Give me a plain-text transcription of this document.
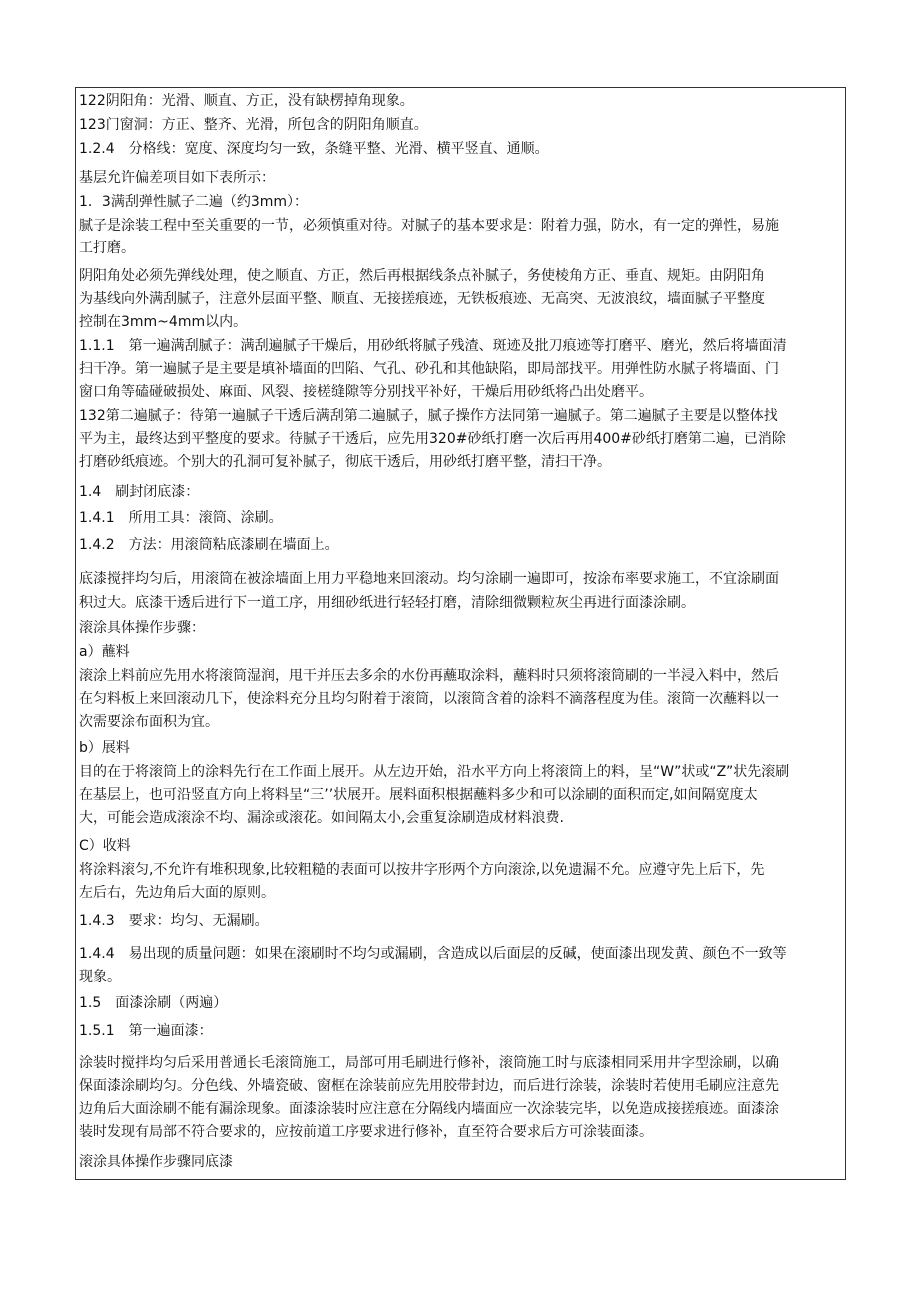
122阴阳角：光滑、顺直、方正，没有缺楞掉角现象。
123门窗洞：方正、整齐、光滑，所包含的阴阳角顺直。
1.2.4　分格线：宽度、深度均匀一致，条缝平整、光滑、横平竖直、通顺。
基层允许偏差项目如下表所示：
1．3满刮弹性腻子二遍（约3mm）：
腻子是涂装工程中至关重要的一节，必须慎重对待。对腻子的基本要求是：附着力强，防水，有一定的弹性，易施
工打磨。
阴阳角处必须先弹线处理，使之顺直、方正，然后再根据线条点补腻子，务使棱角方正、垂直、规矩。由阴阳角
为基线向外满刮腻子，注意外层面平整、顺直、无接搓痕迹，无铁板痕迹、无高突、无波浪纹，墙面腻子平整度
控制在3mm~4mm以内。
1.1.1　第一遍满刮腻子：满刮遍腻子干燥后，用砂纸将腻子残渣、斑迹及批刀痕迹等打磨平、磨光，然后将墙面清
扫干净。第一遍腻子是主要是填补墙面的凹陷、气孔、砂孔和其他缺陷，即局部找平。用弹性防水腻子将墙面、门
窗口角等磕碰破损处、麻面、风裂、接槎缝隙等分别找平补好，干燥后用砂纸将凸出处磨平。
132第二遍腻子：待第一遍腻子干透后满刮第二遍腻子，腻子操作方法同第一遍腻子。第二遍腻子主要是以整体找
平为主，最终达到平整度的要求。待腻子干透后，应先用320#砂纸打磨一次后再用400#砂纸打磨第二遍，已消除
打磨砂纸痕迹。个别大的孔洞可复补腻子，彻底干透后，用砂纸打磨平整，清扫干净。
1.4　刷封闭底漆：
1.4.1　所用工具：滚筒、涂刷。
1.4.2　方法：用滚筒粘底漆刷在墙面上。
底漆搅拌均匀后，用滚筒在被涂墙面上用力平稳地来回滚动。均匀涂刷一遍即可，按涂布率要求施工，不宜涂刷面
积过大。底漆干透后进行下一道工序，用细砂纸进行轻轻打磨，清除细微颗粒灰尘再进行面漆涂刷。
滚涂具体操作步骤：
a）蘸料
滚涂上料前应先用水将滚筒湿润，甩干并压去多余的水份再蘸取涂料，蘸料时只须将滚筒刷的一半浸入料中，然后
在匀料板上来回滚动几下，使涂料充分且均匀附着于滚筒，以滚筒含着的涂料不滴落程度为佳。滚筒一次蘸料以一
次需要涂布面积为宜。
b）展料
目的在于将滚筒上的涂料先行在工作面上展开。从左边开始，沿水平方向上将滚筒上的料，呈“W”状或“Z”状先滚刷
在基层上，也可沿竖直方向上将料呈“三’’状展开。展料面积根据蘸料多少和可以涂刷的面积而定,如间隔宽度太
大，可能会造成滚涂不均、漏涂或滚花。如间隔太小,会重复涂刷造成材料浪费.
C）收料
将涂料滚匀,不允许有堆积现象,比较粗糙的表面可以按井字形两个方向滚涂,以免遗漏不允。应遵守先上后下，先
左后右，先边角后大面的原则。
1.4.3　要求：均匀、无漏刷。
1.4.4　易出现的质量问题：如果在滚刷时不均匀或漏刷，含造成以后面层的反碱，使面漆出现发黄、颜色不一致等
现象。
1.5　面漆涂刷（两遍）
1.5.1　第一遍面漆：
涂装时搅拌均匀后采用普通长毛滚筒施工，局部可用毛刷进行修补，滚筒施工时与底漆相同采用井字型涂刷，以确
保面漆涂刷均匀。分色线、外墙瓷破、窗框在涂装前应先用胶带封边，而后进行涂装，涂装时若使用毛刷应注意先
边角后大面涂刷不能有漏涂现象。面漆涂装时应注意在分隔线内墙面应一次涂装完毕，以免造成接搓痕迹。面漆涂
装时发现有局部不符合要求的，应按前道工序要求进行修补，直至符合要求后方可涂装面漆。
滚涂具体操作步骤同底漆
